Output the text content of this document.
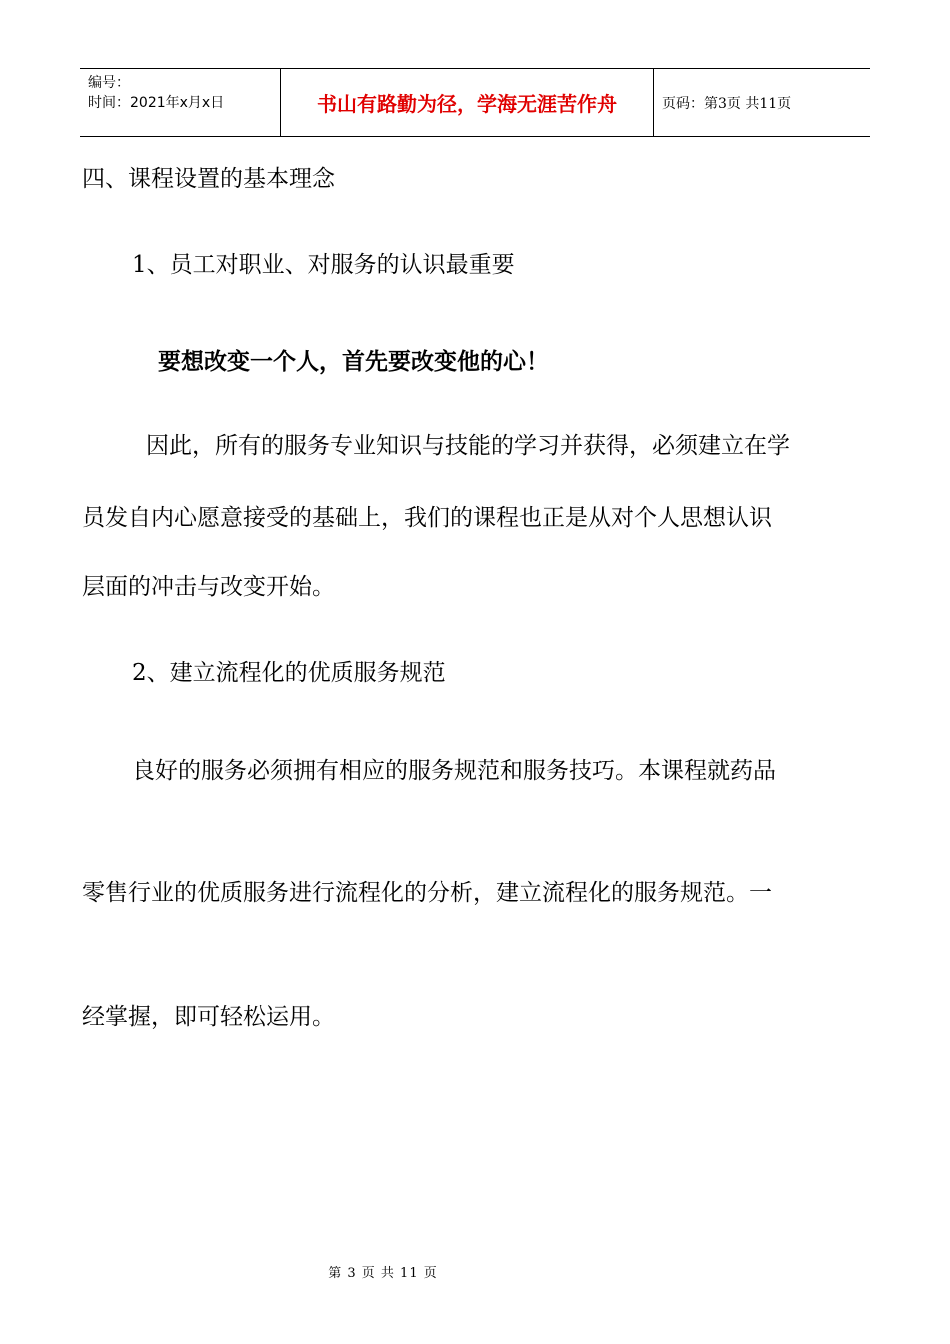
编号：
时间：2021年x月x日	书山有路勤为径，学海无涯苦作舟	页码：第3页 共11页
四、课程设置的基本理念
1、员工对职业、对服务的认识最重要
要想改变一个人，首先要改变他的心！
因此，所有的服务专业知识与技能的学习并获得，必须建立在学
员发自内心愿意接受的基础上，我们的课程也正是从对个人思想认识
层面的冲击与改变开始。
2、建立流程化的优质服务规范
良好的服务必须拥有相应的服务规范和服务技巧。本课程就药品
零售行业的优质服务进行流程化的分析，建立流程化的服务规范。一
经掌握，即可轻松运用。
第 3 页 共 11 页
